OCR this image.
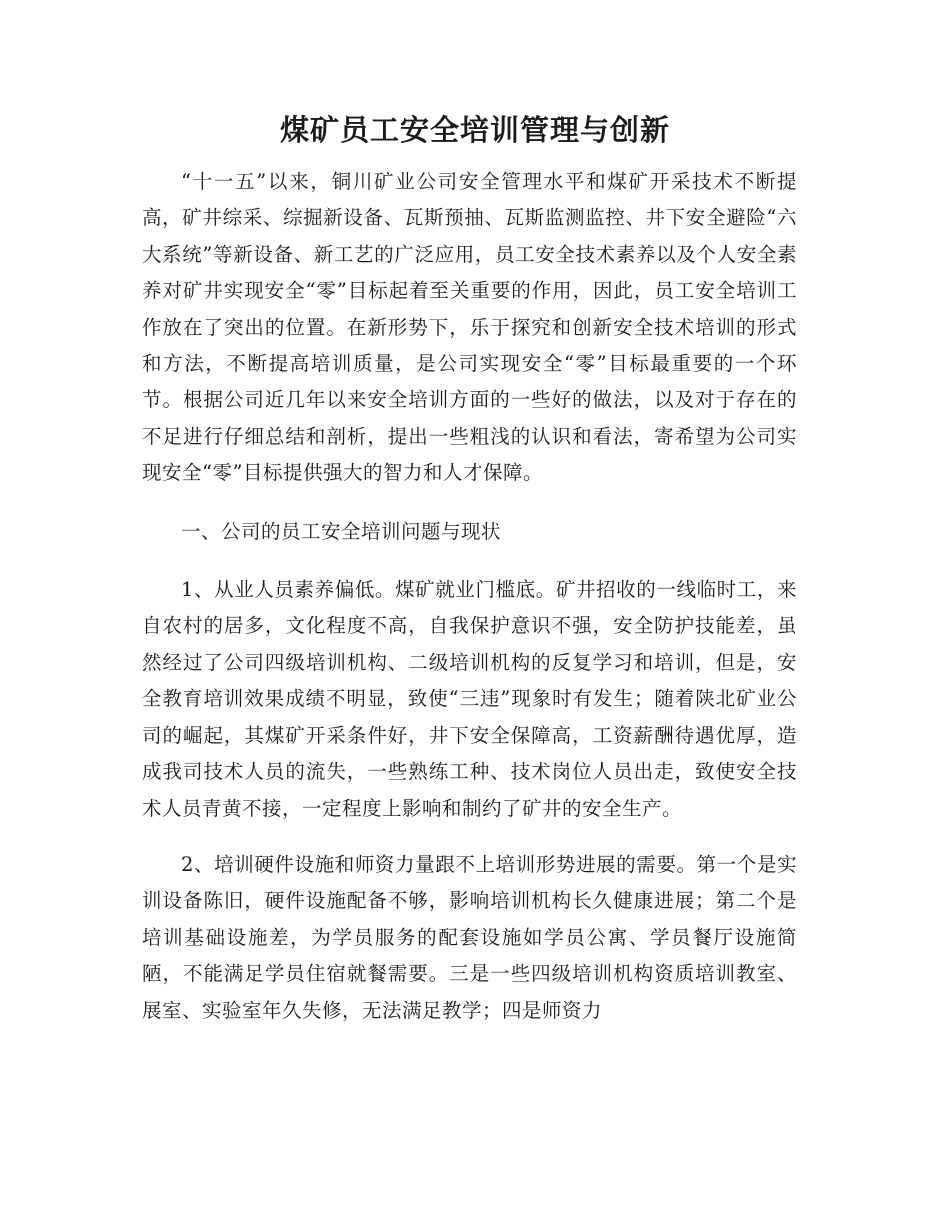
煤矿员工安全培训管理与创新

“十一五”以来，铜川矿业公司安全管理水平和煤矿开采技术不断提高，矿井综采、综掘新设备、瓦斯预抽、瓦斯监测监控、井下安全避险“六大系统”等新设备、新工艺的广泛应用，员工安全技术素养以及个人安全素养对矿井实现安全“零”目标起着至关重要的作用，因此，员工安全培训工作放在了突出的位置。在新形势下，乐于探究和创新安全技术培训的形式和方法，不断提高培训质量，是公司实现安全“零”目标最重要的一个环节。根据公司近几年以来安全培训方面的一些好的做法，以及对于存在的不足进行仔细总结和剖析，提出一些粗浅的认识和看法，寄希望为公司实现安全“零”目标提供强大的智力和人才保障。

一、公司的员工安全培训问题与现状

1、从业人员素养偏低。煤矿就业门槛底。矿井招收的一线临时工，来自农村的居多，文化程度不高，自我保护意识不强，安全防护技能差，虽然经过了公司四级培训机构、二级培训机构的反复学习和培训，但是，安全教育培训效果成绩不明显，致使“三违”现象时有发生；随着陕北矿业公司的崛起，其煤矿开采条件好，井下安全保障高，工资薪酬待遇优厚，造成我司技术人员的流失，一些熟练工种、技术岗位人员出走，致使安全技术人员青黄不接，一定程度上影响和制约了矿井的安全生产。

2、培训硬件设施和师资力量跟不上培训形势进展的需要。第一个是实训设备陈旧，硬件设施配备不够，影响培训机构长久健康进展；第二个是培训基础设施差，为学员服务的配套设施如学员公寓、学员餐厅设施简陋，不能满足学员住宿就餐需要。三是一些四级培训机构资质培训教室、展室、实验室年久失修，无法满足教学；四是师资力
